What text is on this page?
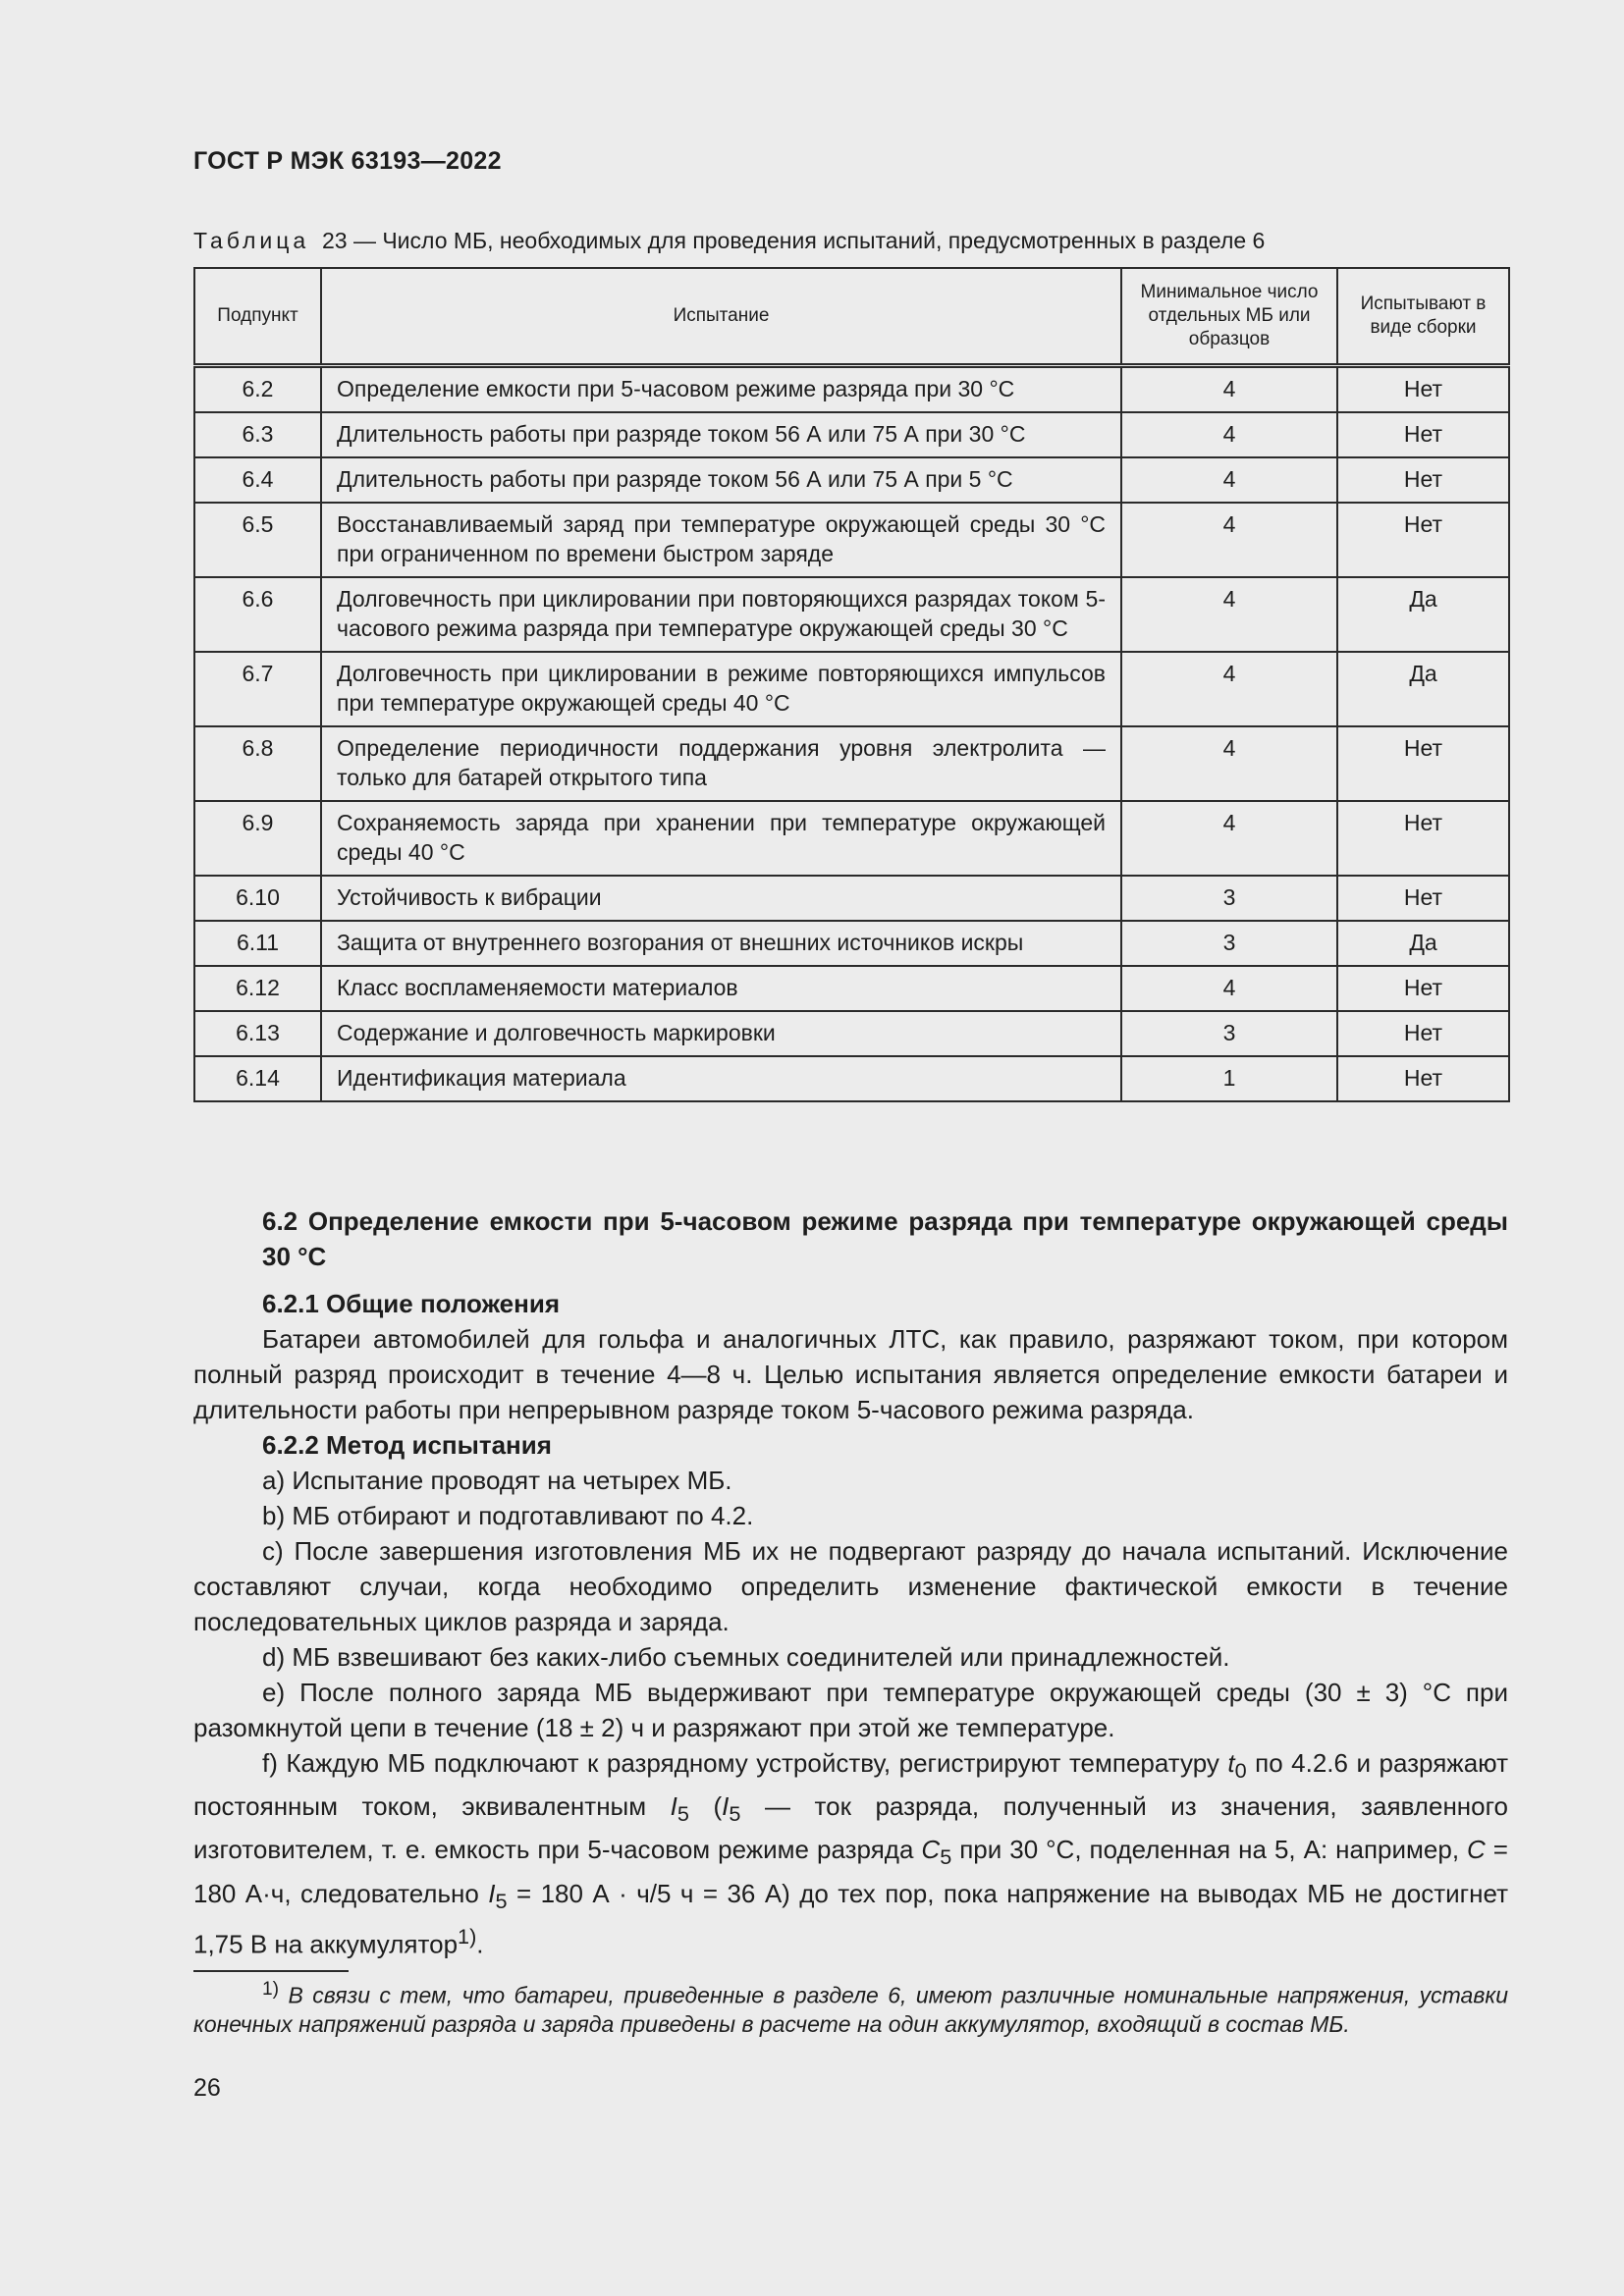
ГОСТ Р МЭК 63193—2022
Таблица 23 — Число МБ, необходимых для проведения испытаний, предусмотренных в разделе 6
Подпункт	Испытание	Минимальное число отдельных МБ или образцов	Испытывают в виде сборки
6.2	Определение емкости при 5-часовом режиме разряда при 30 °С	4	Нет
6.3	Длительность работы при разряде током 56 А или 75 А при 30 °С	4	Нет
6.4	Длительность работы при разряде током 56 А или 75 А при 5 °С	4	Нет
6.5	Восстанавливаемый заряд при температуре окружающей среды 30 °С при ограниченном по времени быстром заряде	4	Нет
6.6	Долговечность при циклировании при повторяющихся разрядах током 5-часового режима разряда при температуре окружающей среды 30 °С	4	Да
6.7	Долговечность при циклировании в режиме повторяющихся импульсов при температуре окружающей среды 40 °С	4	Да
6.8	Определение периодичности поддержания уровня электролита — только для батарей открытого типа	4	Нет
6.9	Сохраняемость заряда при хранении при температуре окружающей среды 40 °С	4	Нет
6.10	Устойчивость к вибрации	3	Нет
6.11	Защита от внутреннего возгорания от внешних источников искры	3	Да
6.12	Класс воспламеняемости материалов	4	Нет
6.13	Содержание и долговечность маркировки	3	Нет
6.14	Идентификация материала	1	Нет

6.2 Определение емкости при 5-часовом режиме разряда при температуре окружающей среды 30 °С

6.2.1 Общие положения

Батареи автомобилей для гольфа и аналогичных ЛТС, как правило, разряжают током, при котором полный разряд происходит в течение 4—8 ч. Целью испытания является определение емкости батареи и длительности работы при непрерывном разряде током 5-часового режима разряда.

6.2.2 Метод испытания

a) Испытание проводят на четырех МБ.

b) МБ отбирают и подготавливают по 4.2.

c) После завершения изготовления МБ их не подвергают разряду до начала испытаний. Исключение составляют случаи, когда необходимо определить изменение фактической емкости в течение последовательных циклов разряда и заряда.

d) МБ взвешивают без каких-либо съемных соединителей или принадлежностей.

e) После полного заряда МБ выдерживают при температуре окружающей среды (30 ± 3) °С при разомкнутой цепи в течение (18 ± 2) ч и разряжают при этой же температуре.

f) Каждую МБ подключают к разрядному устройству, регистрируют температуру $t_0$ по 4.2.6 и разряжают постоянным током, эквивалентным $I_5$ ($I_5$ — ток разряда, полученный из значения, заявленного изготовителем, т. е. емкость при 5-часовом режиме разряда $C_5$ при 30 °С, поделенная на 5, А: например, C = 180 А·ч, следовательно $I_5 = 180$ А · ч/5 ч = 36 А) до тех пор, пока напряжение на выводах МБ не достигнет 1,75 В на аккумулятор$^{1)}$.

$^{1)}$ В связи с тем, что батареи, приведенные в разделе 6, имеют различные номинальные напряжения, уставки конечных напряжений разряда и заряда приведены в расчете на один аккумулятор, входящий в состав МБ.
26
